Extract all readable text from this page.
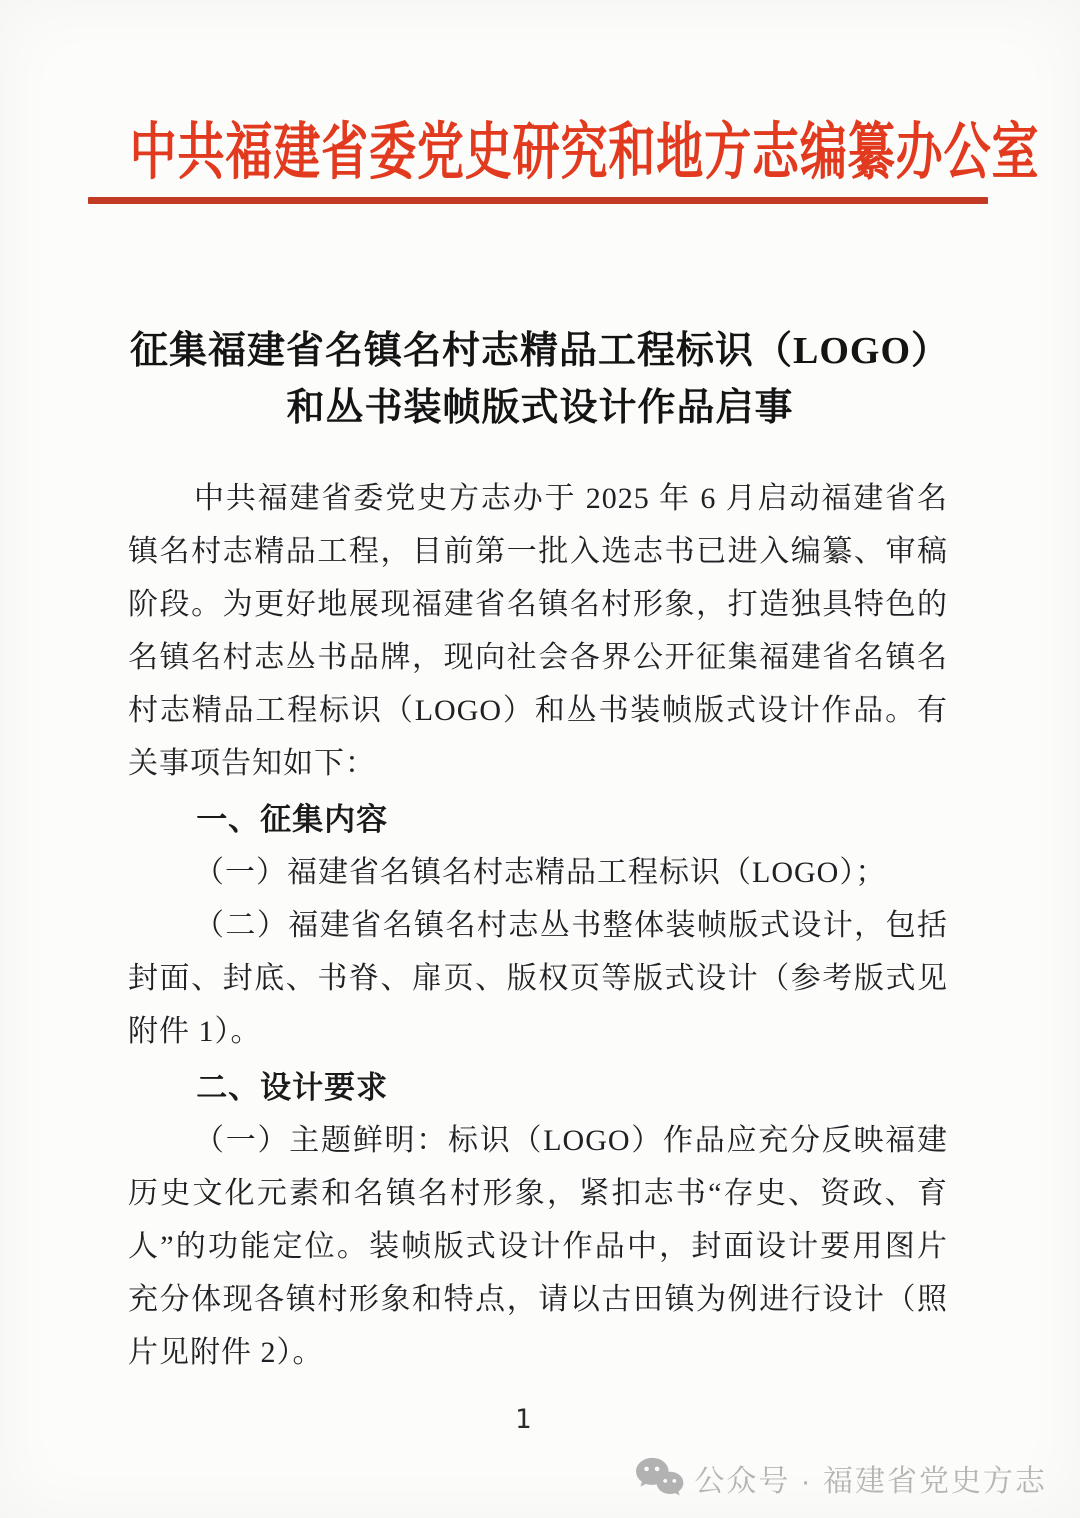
中共福建省委党史研究和地方志编纂办公室
征集福建省名镇名村志精品工程标识（LOGO）
和丛书装帧版式设计作品启事

中共福建省委党史方志办于 2025 年 6 月启动福建省名镇名村志精品工程，目前第一批入选志书已进入编纂、审稿阶段。为更好地展现福建省名镇名村形象，打造独具特色的名镇名村志丛书品牌，现向社会各界公开征集福建省名镇名村志精品工程标识（LOGO）和丛书装帧版式设计作品。有关事项告知如下：

一、征集内容

（一）福建省名镇名村志精品工程标识（LOGO）；

（二）福建省名镇名村志丛书整体装帧版式设计，包括封面、封底、书脊、扉页、版权页等版式设计（参考版式见附件 1）。

二、设计要求

（一）主题鲜明：标识（LOGO）作品应充分反映福建历史文化元素和名镇名村形象，紧扣志书“存史、资政、育人”的功能定位。装帧版式设计作品中，封面设计要用图片充分体现各镇村形象和特点，请以古田镇为例进行设计（照片见附件 2）。

1
公众号 · 福建省党史方志
